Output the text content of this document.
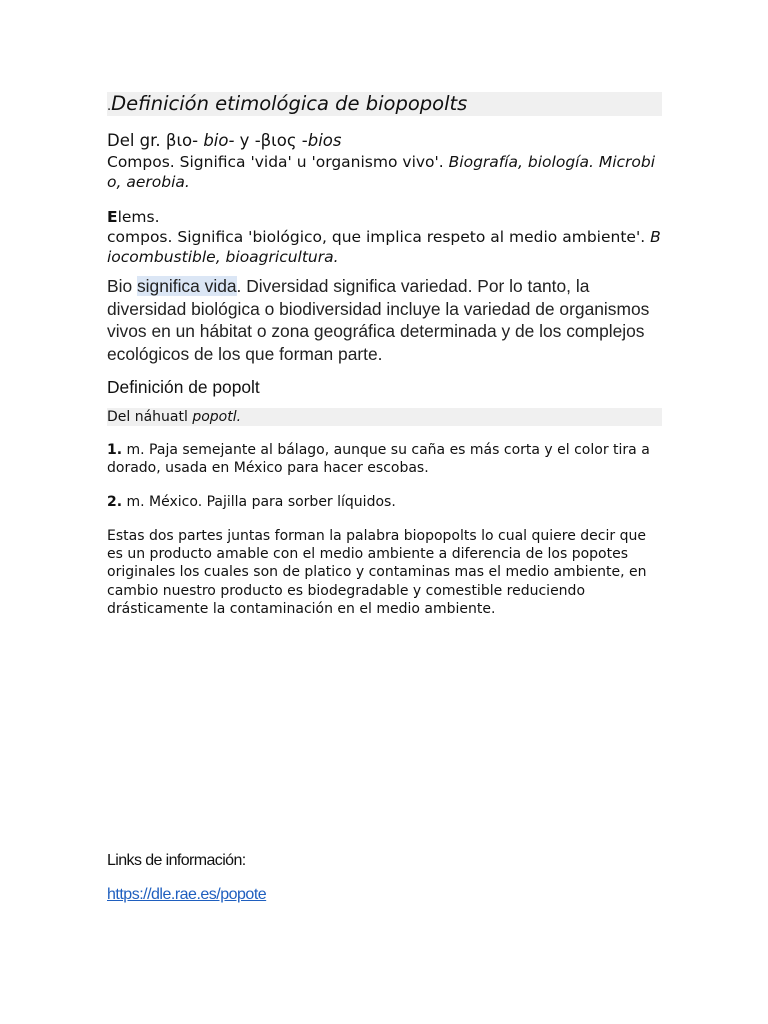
.Definición etimológica de biopopolts

Del gr. βιο- bio- y -βιος -bios

Compos. Significa 'vida' u 'organismo vivo'. Biografía, biología. Microbio, aerobia.

Elems.

compos. Significa 'biológico, que implica respeto al medio ambiente'. Biocombustible, bioagricultura.

Bio significa vida. Diversidad significa variedad. Por lo tanto, la diversidad biológica o biodiversidad incluye la variedad de organismos vivos en un hábitat o zona geográfica determinada y de los complejos ecológicos de los que forman parte.

Definición de popolt

Del náhuatl popotl.

1. m. Paja semejante al bálago, aunque su caña es más corta y el color tira a dorado, usada en México para hacer escobas.

2. m. México. Pajilla para sorber líquidos.

Estas dos partes juntas forman la palabra biopopolts lo cual quiere decir que es un producto amable con el medio ambiente a diferencia de los popotes originales los cuales son de platico y contaminas mas el medio ambiente, en cambio nuestro producto es biodegradable y comestible reduciendo drásticamente la contaminación en el medio ambiente.

Links de información:

https://dle.rae.es/popote
